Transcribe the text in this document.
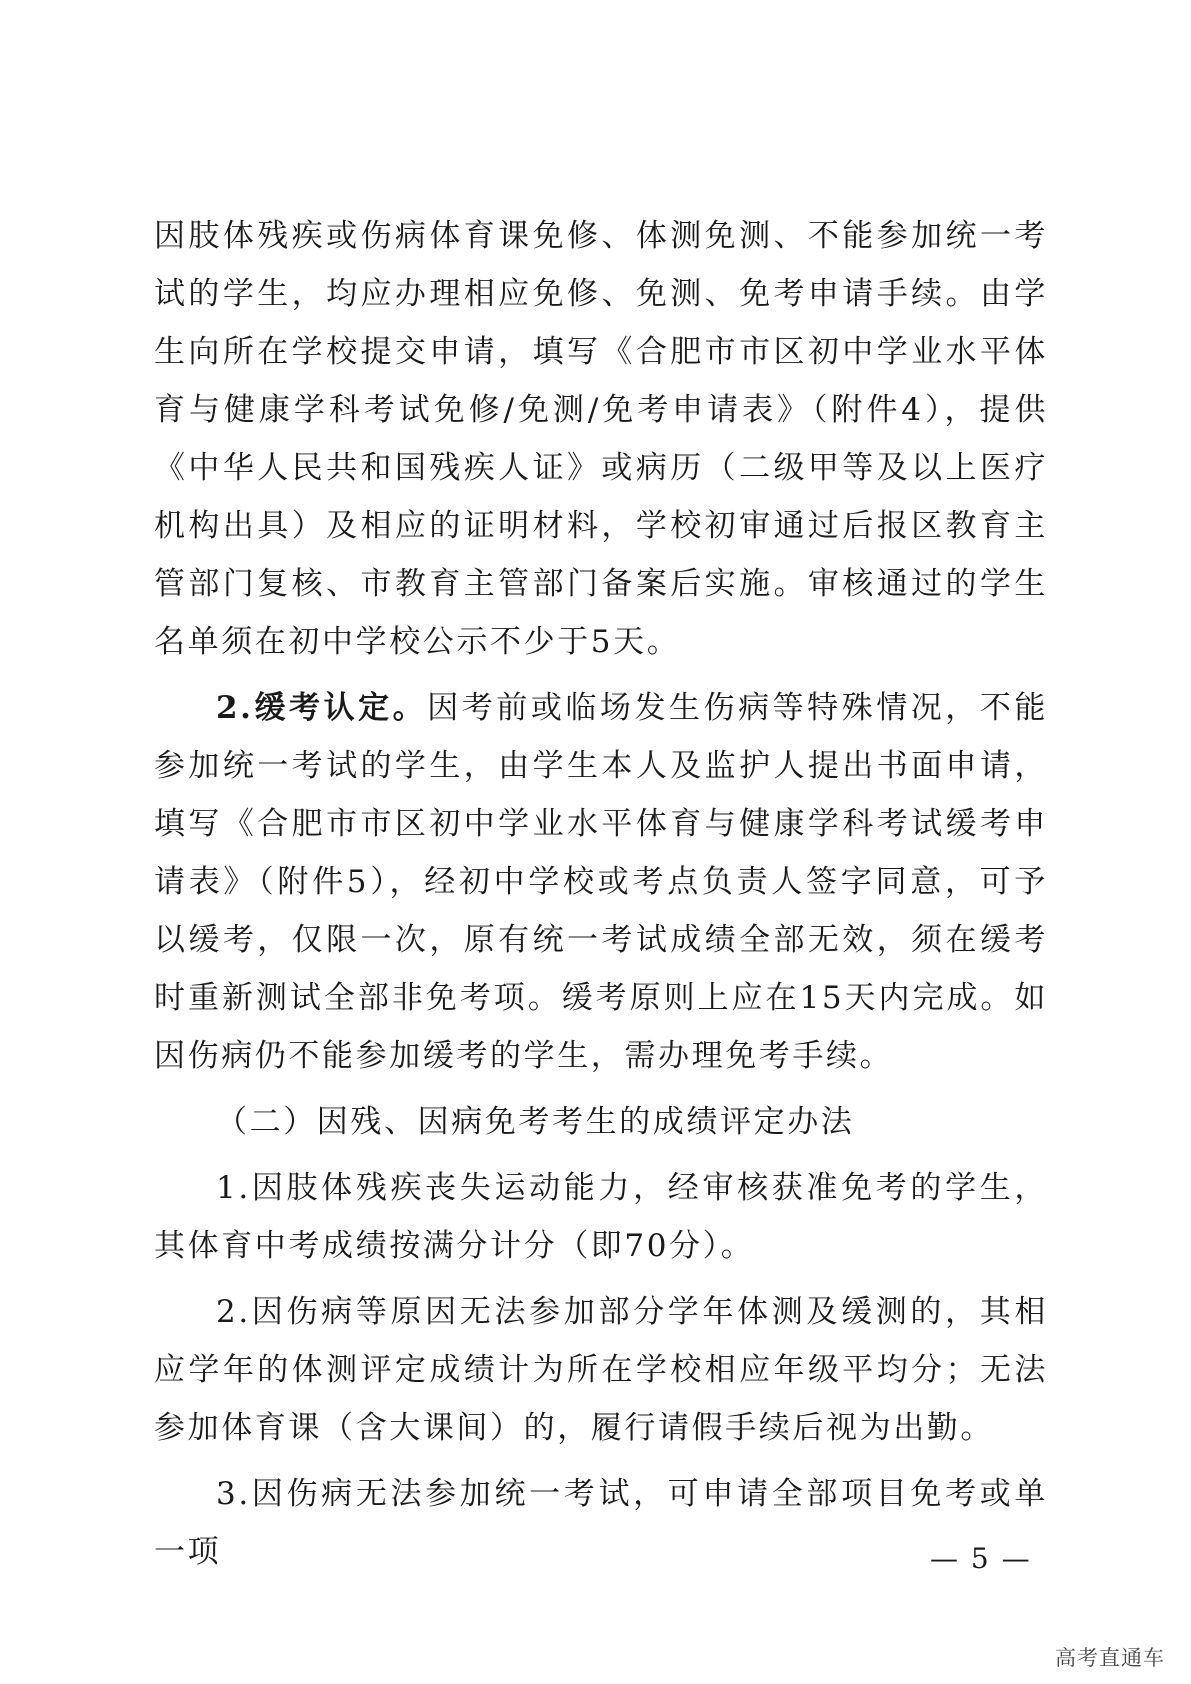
因肢体残疾或伤病体育课免修、体测免测、不能参加统一考试的学生，均应办理相应免修、免测、免考申请手续。由学生向所在学校提交申请，填写《合肥市市区初中学业水平体育与健康学科考试免修/免测/免考申请表》（附件4），提供《中华人民共和国残疾人证》或病历（二级甲等及以上医疗机构出具）及相应的证明材料，学校初审通过后报区教育主管部门复核、市教育主管部门备案后实施。审核通过的学生名单须在初中学校公示不少于5天。

2.缓考认定。因考前或临场发生伤病等特殊情况，不能参加统一考试的学生，由学生本人及监护人提出书面申请，填写《合肥市市区初中学业水平体育与健康学科考试缓考申请表》（附件5），经初中学校或考点负责人签字同意，可予以缓考，仅限一次，原有统一考试成绩全部无效，须在缓考时重新测试全部非免考项。缓考原则上应在15天内完成。如因伤病仍不能参加缓考的学生，需办理免考手续。

（二）因残、因病免考考生的成绩评定办法

1.因肢体残疾丧失运动能力，经审核获准免考的学生，其体育中考成绩按满分计分（即70分）。

2.因伤病等原因无法参加部分学年体测及缓测的，其相应学年的体测评定成绩计为所在学校相应年级平均分；无法参加体育课（含大课间）的，履行请假手续后视为出勤。

3.因伤病无法参加统一考试，可申请全部项目免考或单一项	— 5 —
高考直通车
